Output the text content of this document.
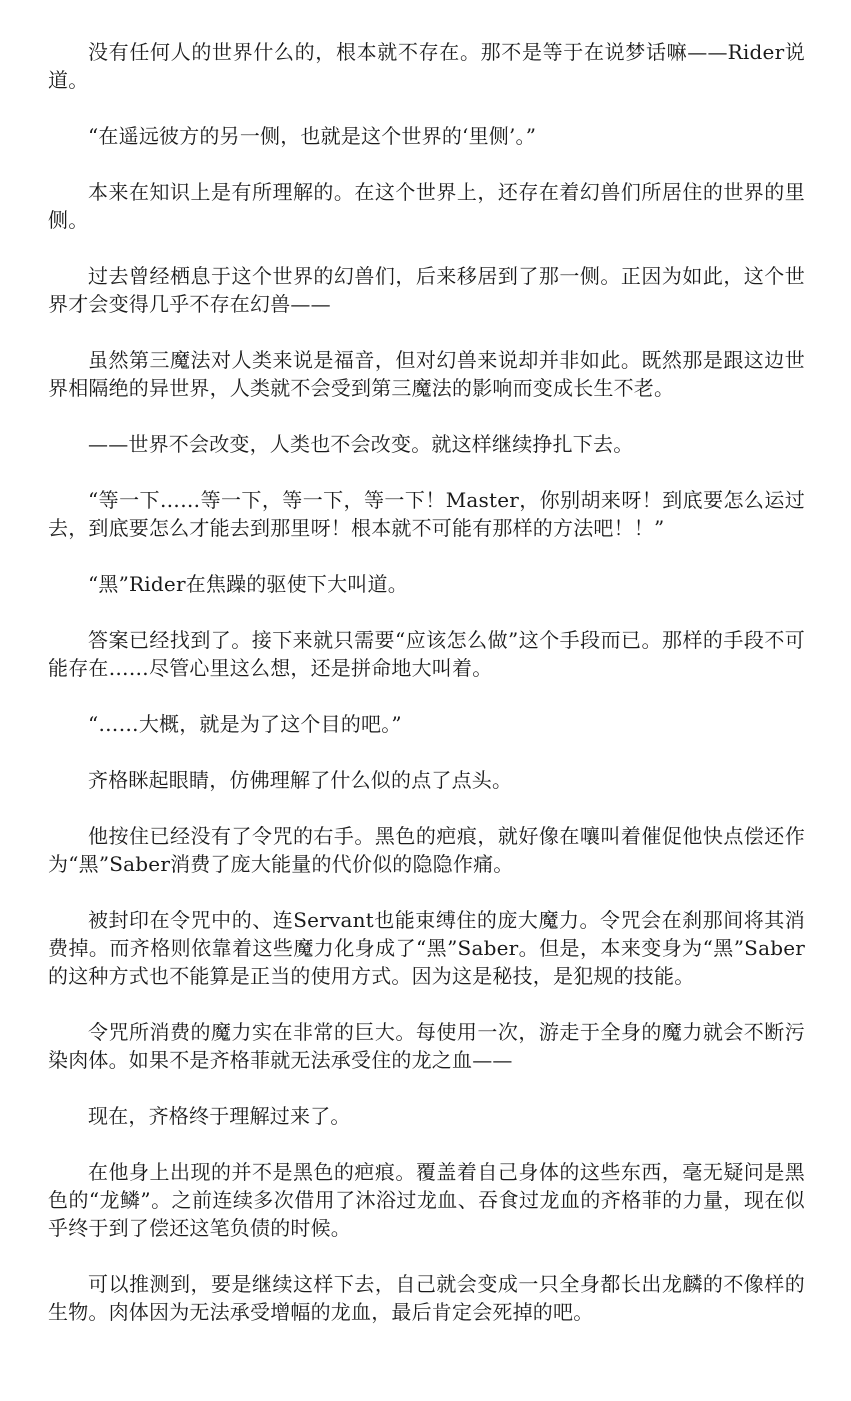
没有任何人的世界什么的，根本就不存在。那不是等于在说梦话嘛——Rider说道。

“在遥远彼方的另一侧，也就是这个世界的‘里侧’。”

本来在知识上是有所理解的。在这个世界上，还存在着幻兽们所居住的世界的里侧。

过去曾经栖息于这个世界的幻兽们，后来移居到了那一侧。正因为如此，这个世界才会变得几乎不存在幻兽——

虽然第三魔法对人类来说是福音，但对幻兽来说却并非如此。既然那是跟这边世界相隔绝的异世界，人类就不会受到第三魔法的影响而变成长生不老。

——世界不会改变，人类也不会改变。就这样继续挣扎下去。

“等一下……等一下，等一下，等一下！Master，你别胡来呀！到底要怎么运过去，到底要怎么才能去到那里呀！根本就不可能有那样的方法吧！！”

“黑”Rider在焦躁的驱使下大叫道。

答案已经找到了。接下来就只需要“应该怎么做”这个手段而已。那样的手段不可能存在……尽管心里这么想，还是拼命地大叫着。

“……大概，就是为了这个目的吧。”

齐格眯起眼睛，仿佛理解了什么似的点了点头。

他按住已经没有了令咒的右手。黑色的疤痕，就好像在嚷叫着催促他快点偿还作为“黑”Saber消费了庞大能量的代价似的隐隐作痛。

被封印在令咒中的、连Servant也能束缚住的庞大魔力。令咒会在刹那间将其消费掉。而齐格则依靠着这些魔力化身成了“黑”Saber。但是，本来变身为“黑”Saber的这种方式也不能算是正当的使用方式。因为这是秘技，是犯规的技能。

令咒所消费的魔力实在非常的巨大。每使用一次，游走于全身的魔力就会不断污染肉体。如果不是齐格菲就无法承受住的龙之血——

现在，齐格终于理解过来了。

在他身上出现的并不是黑色的疤痕。覆盖着自己身体的这些东西，毫无疑问是黑色的“龙鳞”。之前连续多次借用了沐浴过龙血、吞食过龙血的齐格菲的力量，现在似乎终于到了偿还这笔负债的时候。

可以推测到，要是继续这样下去，自己就会变成一只全身都长出龙麟的不像样的生物。肉体因为无法承受增幅的龙血，最后肯定会死掉的吧。
